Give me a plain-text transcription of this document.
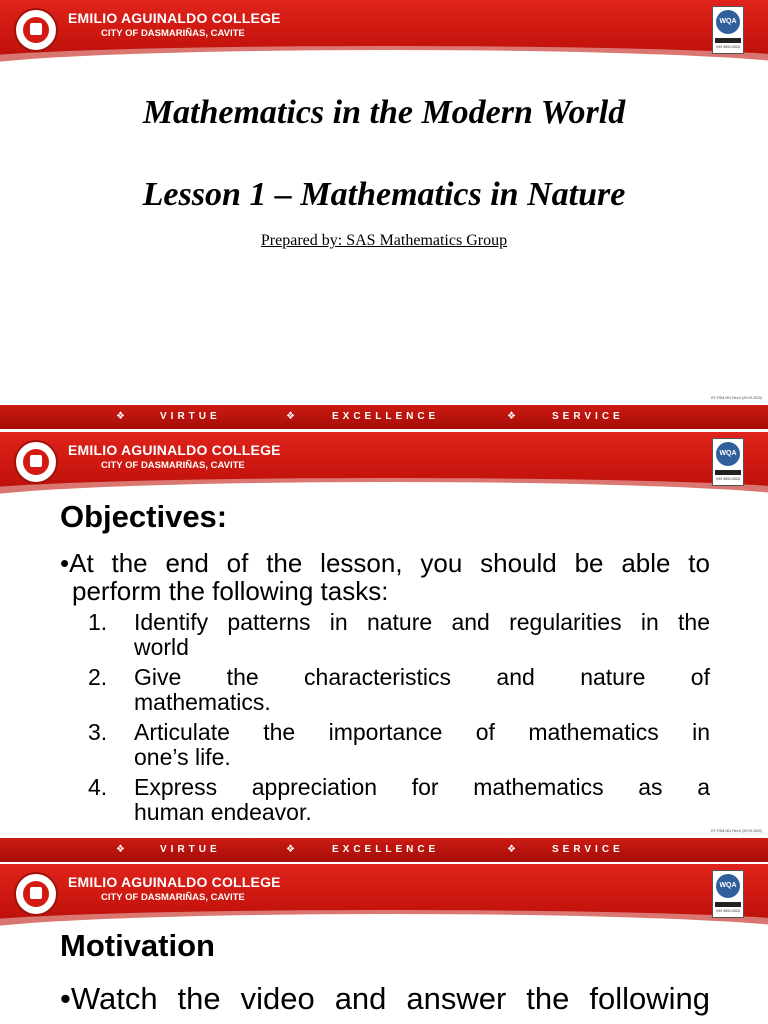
EMILIO AGUINALDO COLLEGE
CITY OF DASMARIÑAS, CAVITE
WQA
ISO 9001:2015
Mathematics in the Modern World
Lesson 1 – Mathematics in Nature
Prepared by: SAS Mathematics Group
EF-FSM-001 Rev.0 (20.09.2020)
❖	VIRTUE	❖	EXCELLENCE	❖	SERVICE
EMILIO AGUINALDO COLLEGE
CITY OF DASMARIÑAS, CAVITE
WQA
ISO 9001:2015
Objectives:
•At the end of the lesson, you should be able to
perform the following tasks:
1. Identify patterns in nature and regularities in the
world
2. Give the characteristics and nature of
mathematics.
3. Articulate the importance of mathematics in
one’s life.
4. Express appreciation for mathematics as a
human endeavor.
EF-FSM-001 Rev.0 (20.09.2020)
❖	VIRTUE	❖	EXCELLENCE	❖	SERVICE
EMILIO AGUINALDO COLLEGE
CITY OF DASMARIÑAS, CAVITE
WQA
ISO 9001:2015
Motivation
•Watch the video and answer the following
